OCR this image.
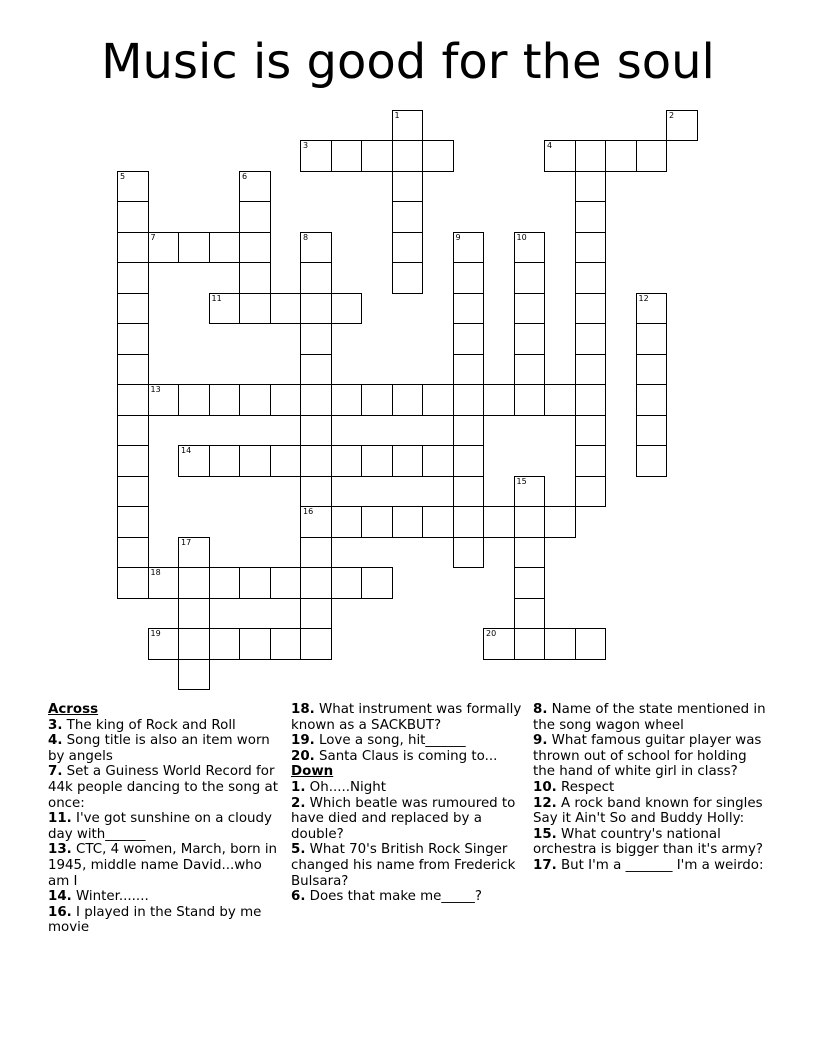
Music is good for the soul
1	2
3	4
5	6
7	8	9	10
11	12
13
14
15
16
17
18
19	20
Across
3. The king of Rock and Roll
4. Song title is also an item worn by angels
7. Set a Guiness World Record for 44k people dancing to the song at once:
11. I've got sunshine on a cloudy day with______
13. CTC, 4 women, March, born in 1945, middle name David...who am I
14. Winter.......
16. I played in the Stand by me movie
18. What instrument was formally known as a SACKBUT?
19. Love a song, hit______
20. Santa Claus is coming to...
Down
1. Oh.....Night
2. Which beatle was rumoured to have died and replaced by a double?
5. What 70's British Rock Singer changed his name from Frederick Bulsara?
6. Does that make me_____?
8. Name of the state mentioned in the song wagon wheel
9. What famous guitar player was thrown out of school for holding the hand of white girl in class?
10. Respect
12. A rock band known for singles Say it Ain't So and Buddy Holly:
15. What country's national orchestra is bigger than it's army?
17. But I'm a _______ I'm a weirdo:
